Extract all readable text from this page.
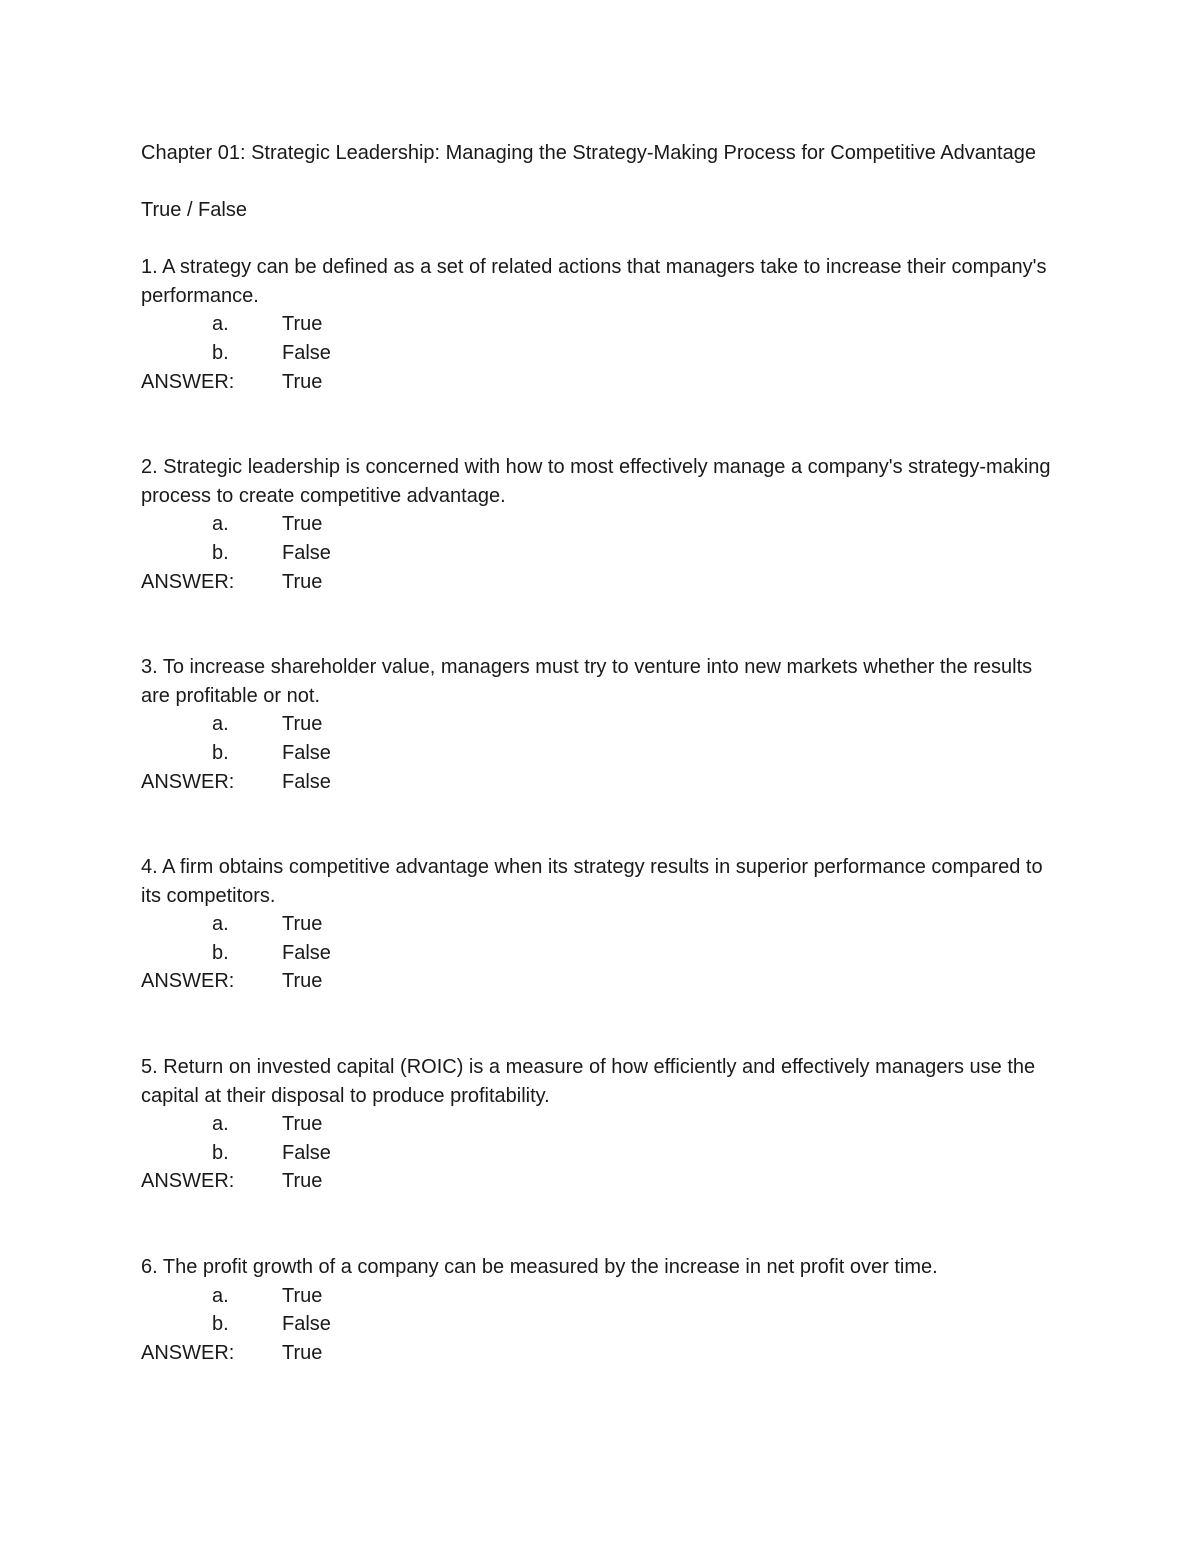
Chapter 01: Strategic Leadership: Managing the Strategy-Making Process for Competitive Advantage
True / False

1. A strategy can be defined as a set of related actions that managers take to increase their company's performance.

a.	True
b.	False
ANSWER:	True

2. Strategic leadership is concerned with how to most effectively manage a company's strategy-making process to create competitive advantage.

a.	True
b.	False
ANSWER:	True

3. To increase shareholder value, managers must try to venture into new markets whether the results are profitable or not.

a.	True
b.	False
ANSWER:	False

4. A firm obtains competitive advantage when its strategy results in superior performance compared to its competitors.

a.	True
b.	False
ANSWER:	True

5. Return on invested capital (ROIC) is a measure of how efficiently and effectively managers use the capital at their disposal to produce profitability.

a.	True
b.	False
ANSWER:	True

6. The profit growth of a company can be measured by the increase in net profit over time.

a.	True
b.	False
ANSWER:	True
